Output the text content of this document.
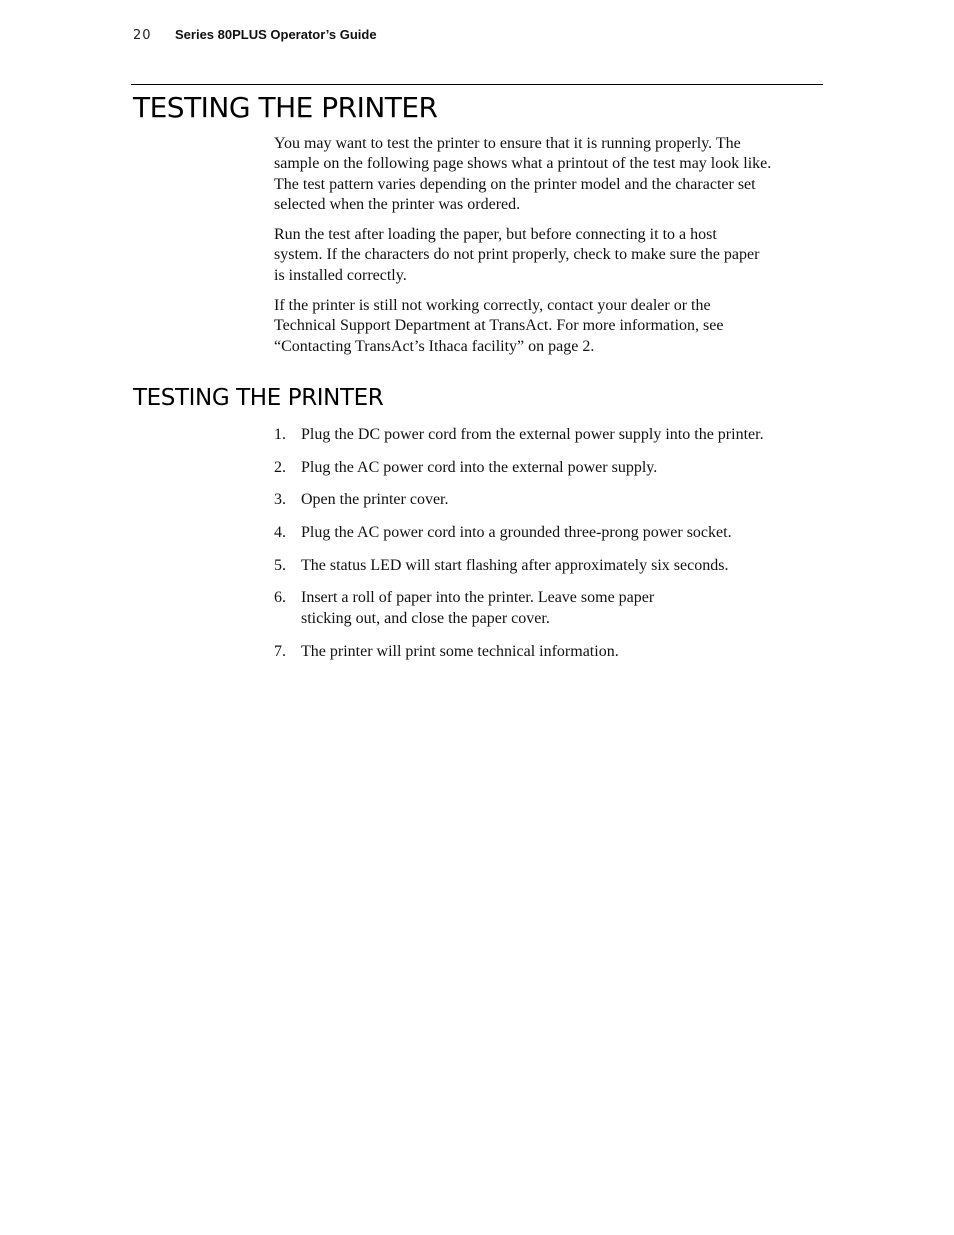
20	Series 80PLUS Operator’s Guide
TESTING THE PRINTER

You may want to test the printer to ensure that it is running properly. The sample on the following page shows what a printout of the test may look like. The test pattern varies depending on the printer model and the character set selected when the printer was ordered.

Run the test after loading the paper, but before connecting it to a host system. If the characters do not print properly, check to make sure the paper is installed correctly.

If the printer is still not working correctly, contact your dealer or the Technical Support Department at TransAct. For more information, see “Contacting TransAct’s Ithaca facility” on page 2.

TESTING THE PRINTER
1. Plug the DC power cord from the external power supply into the printer.
2. Plug the AC power cord into the external power supply.
3. Open the printer cover.
4. Plug the AC power cord into a grounded three-prong power socket.
5. The status LED will start flashing after approximately six seconds.
6. Insert a roll of paper into the printer. Leave some paper sticking out, and close the paper cover.
7. The printer will print some technical information.
